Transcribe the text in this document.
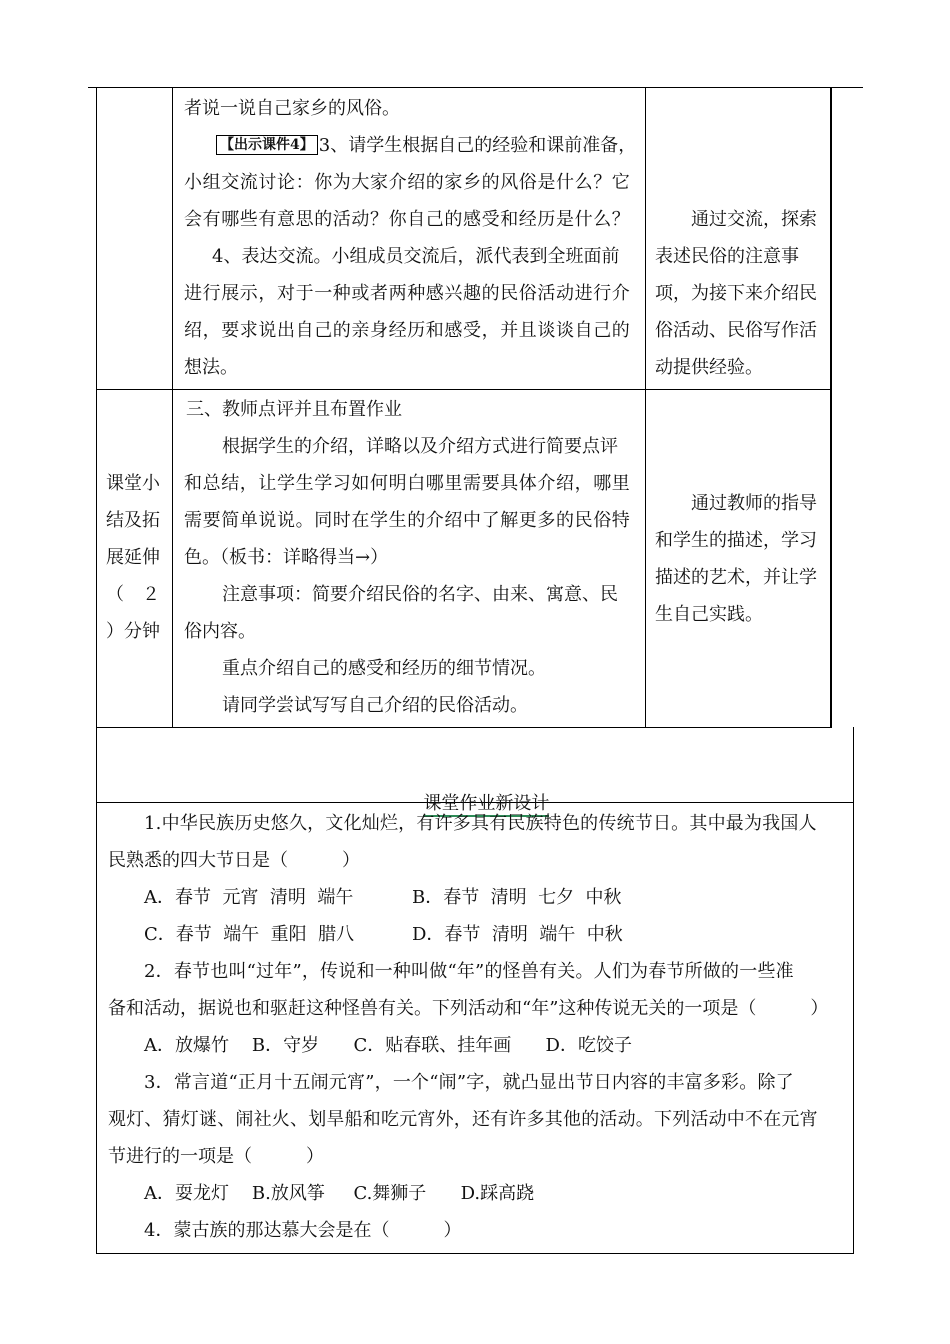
者说一说自己家乡的风俗。
【出示课件4】 3、请学生根据自己的经验和课前准备，
小组交流讨论：你为大家介绍的家乡的风俗是什么？它
会有哪些有意思的活动？你自己的感受和经历是什么？
4、表达交流。小组成员交流后，派代表到全班面前
进行展示，对于一种或者两种感兴趣的民俗活动进行介
绍，要求说出自己的亲身经历和感受，并且谈谈自己的
想法。
通过交流，探索
表述民俗的注意事
项，为接下来介绍民
俗活动、民俗写作活
动提供经验。
课堂小
结及拓
展延伸
（　２
）分钟
三、教师点评并且布置作业
根据学生的介绍，详略以及介绍方式进行简要点评
和总结，让学生学习如何明白哪里需要具体介绍，哪里
需要简单说说。同时在学生的介绍中了解更多的民俗特
色。（板书：详略得当→）
注意事项：简要介绍民俗的名字、由来、寓意、民
俗内容。
重点介绍自己的感受和经历的细节情况。
请同学尝试写写自己介绍的民俗活动。
通过教师的指导
和学生的描述，学习
描述的艺术，并让学
生自己实践。

课堂作业新设计

1.中华民族历史悠久，文化灿烂，有许多具有民族特色的传统节日。其中最为我国人
民熟悉的四大节日是（　　　）
A．春节  元宵  清明  端午	B．春节  清明  七夕  中秋
C．春节  端午  重阳  腊八	D．春节  清明  端午  中秋
2．春节也叫“过年”，传说和一种叫做“年”的怪兽有关。人们为春节所做的一些准
备和活动，据说也和驱赶这种怪兽有关。下列活动和“年”这种传说无关的一项是（　　　）
A．放爆竹    B．守岁      C．贴春联、挂年画      D．吃饺子
3．常言道“正月十五闹元宵”，一个“闹”字，就凸显出节日内容的丰富多彩。除了
观灯、猜灯谜、闹社火、划旱船和吃元宵外，还有许多其他的活动。下列活动中不在元宵
节进行的一项是（　　　）
A．耍龙灯    B.放风筝     C.舞狮子      D.踩高跷
4．蒙古族的那达慕大会是在（　　　）
